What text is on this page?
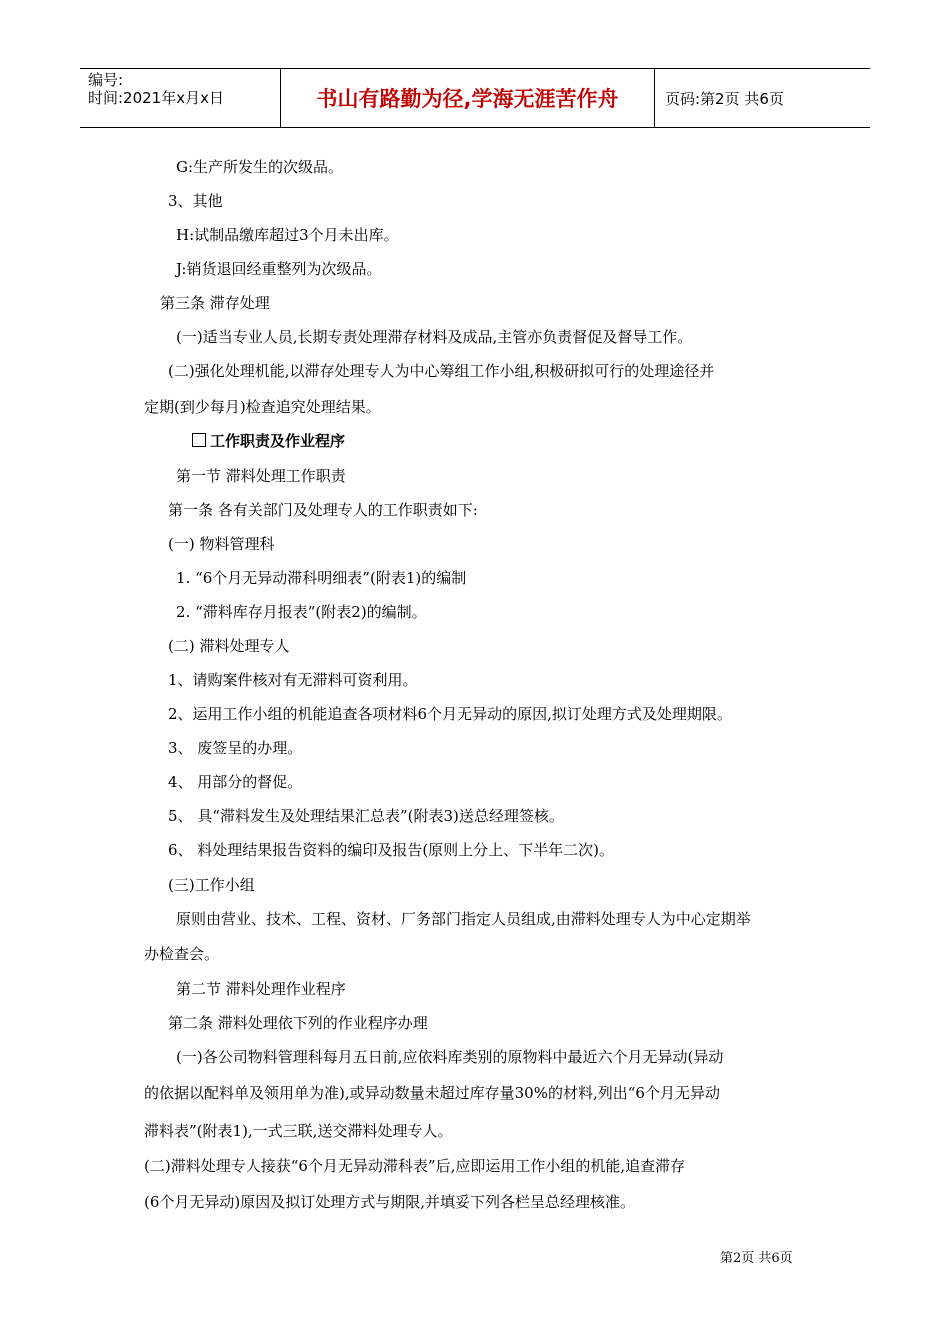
编号:
时间:2021年x月x日	书山有路勤为径,学海无涯苦作舟	页码:第2页 共6页
G:生产所发生的次级品。
3、其他
H:试制品缴库超过3个月未出库。
J:销货退回经重整列为次级品。
第三条 滞存处理
(一)适当专业人员,长期专责处理滞存材料及成品,主管亦负责督促及督导工作。
(二)强化处理机能,以滞存处理专人为中心筹组工作小组,积极研拟可行的处理途径并
定期(到少每月)检查追究处理结果。
工作职责及作业程序
第一节 滞料处理工作职责
第一条 各有关部门及处理专人的工作职责如下:
(一) 物料管理科
1. “6个月无异动滞科明细表”(附表1)的编制
2. “滞料库存月报表”(附表2)的编制。
(二) 滞料处理专人
1、请购案件核对有无滞料可资利用。
2、运用工作小组的机能追查各项材料6个月无异动的原因,拟订处理方式及处理期限。
3、 废签呈的办理。
4、 用部分的督促。
5、 具“滞料发生及处理结果汇总表”(附表3)送总经理签核。
6、 料处理结果报告资料的编印及报告(原则上分上、下半年二次)。
(三)工作小组
原则由营业、技术、工程、资材、厂务部门指定人员组成,由滞料处理专人为中心定期举
办检查会。
第二节 滞料处理作业程序
第二条 滞料处理依下列的作业程序办理
(一)各公司物料管理科每月五日前,应依料库类别的原物料中最近六个月无异动(异动
的依据以配料单及领用单为准),或异动数量未超过库存量30%的材料,列出“6个月无异动
滞料表”(附表1),一式三联,送交滞料处理专人。
(二)滞料处理专人接获“6个月无异动滞科表”后,应即运用工作小组的机能,追查滞存
(6个月无异动)原因及拟订处理方式与期限,并填妥下列各栏呈总经理核准。
第2页 共6页
